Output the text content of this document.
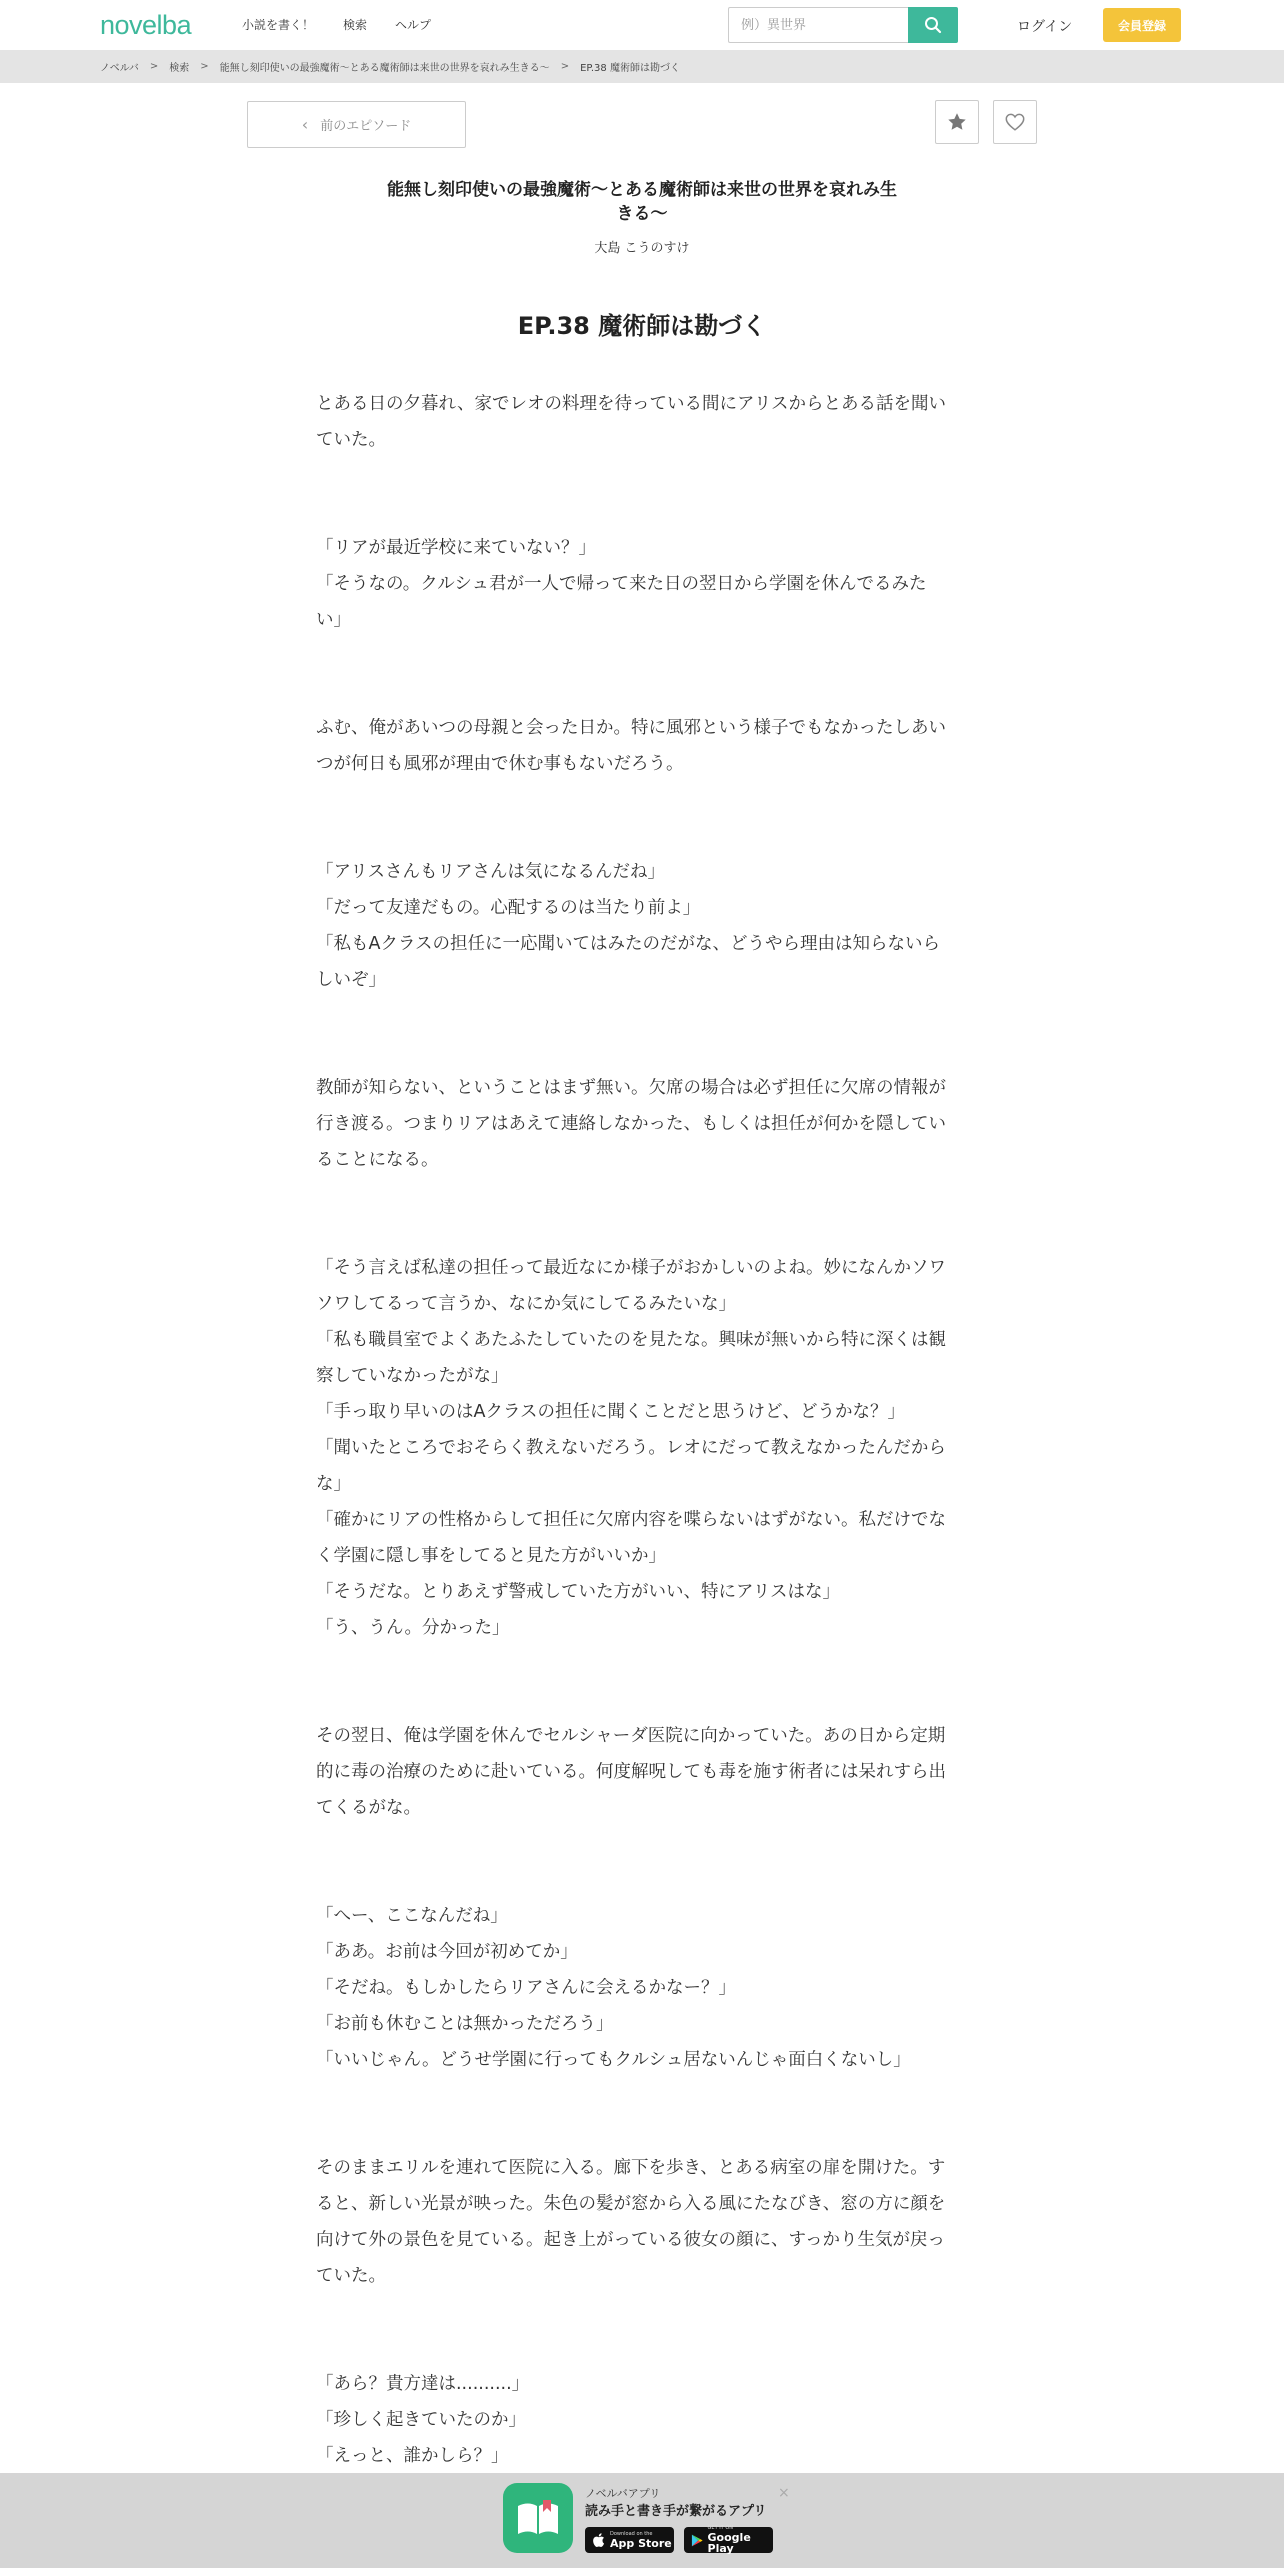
novelba	小説を書く！ 検索 ヘルプ
例）異世界	ログイン	会員登録
ノベルバ > 検索 > 能無し刻印使いの最強魔術〜とある魔術師は来世の世界を哀れみ生きる〜 > EP.38 魔術師は勘づく
‹ 前のエピソード
能無し刻印使いの最強魔術〜とある魔術師は来世の世界を哀れみ生
きる〜
大島 こうのすけ
EP.38 魔術師は勘づく
とある日の夕暮れ、家でレオの料理を待っている間にアリスからとある話を聞い
ていた。
「リアが最近学校に来ていない？」
「そうなの。クルシュ君が一人で帰って来た日の翌日から学園を休んでるみた
い」
ふむ、俺があいつの母親と会った日か。特に風邪という様子でもなかったしあい
つが何日も風邪が理由で休む事もないだろう。
「アリスさんもリアさんは気になるんだね」
「だって友達だもの。心配するのは当たり前よ」
「私もAクラスの担任に一応聞いてはみたのだがな、どうやら理由は知らないら
しいぞ」
教師が知らない、ということはまず無い。欠席の場合は必ず担任に欠席の情報が
行き渡る。つまりリアはあえて連絡しなかった、もしくは担任が何かを隠してい
ることになる。
「そう言えば私達の担任って最近なにか様子がおかしいのよね。妙になんかソワ
ソワしてるって言うか、なにか気にしてるみたいな」
「私も職員室でよくあたふたしていたのを見たな。興味が無いから特に深くは観
察していなかったがな」
「手っ取り早いのはAクラスの担任に聞くことだと思うけど、どうかな？」
「聞いたところでおそらく教えないだろう。レオにだって教えなかったんだから
な」
「確かにリアの性格からして担任に欠席内容を喋らないはずがない。私だけでな
く学園に隠し事をしてると見た方がいいか」
「そうだな。とりあえず警戒していた方がいい、特にアリスはな」
「う、うん。分かった」
その翌日、俺は学園を休んでセルシャーダ医院に向かっていた。あの日から定期
的に毒の治療のために赴いている。何度解呪しても毒を施す術者には呆れすら出
てくるがな。
「へー、ここなんだね」
「ああ。お前は今回が初めてか」
「そだね。もしかしたらリアさんに会えるかなー？」
「お前も休むことは無かっただろう」
「いいじゃん。どうせ学園に行ってもクルシュ居ないんじゃ面白くないし」
そのままエリルを連れて医院に入る。廊下を歩き、とある病室の扉を開けた。す
ると、新しい光景が映った。朱色の髪が窓から入る風にたなびき、窓の方に顔を
向けて外の景色を見ている。起き上がっている彼女の顔に、すっかり生気が戻っ
ていた。
「あら？貴方達は..........」
「珍しく起きていたのか」
「えっと、誰かしら？」
ノベルバアプリ
読み手と書き手が繋がるアプリ
Download on the
App Store
GET IT ON
Google Play
×
